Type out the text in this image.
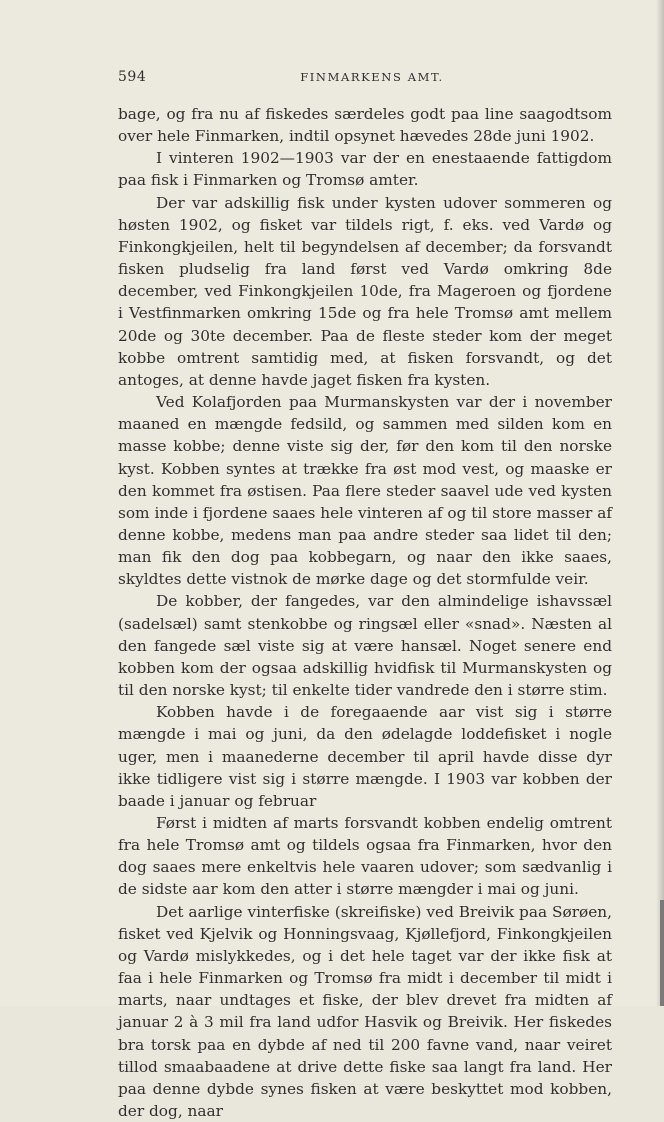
594	FINMARKENS AMT.

bage, og fra nu af fiskedes særdeles godt paa line saagodtsom over hele Finmarken, indtil opsynet hævedes 28de juni 1902.

I vinteren 1902—1903 var der en enestaaende fattigdom paa fisk i Finmarken og Tromsø amter.

Der var adskillig fisk under kysten udover sommeren og høsten 1902, og fisket var tildels rigt, f. eks. ved Vardø og Finkongkjeilen, helt til begyndelsen af december; da forsvandt fisken pludselig fra land først ved Vardø omkring 8de december, ved Finkongkjeilen 10de, fra Mageroen og fjordene i Vestfinmarken omkring 15de og fra hele Tromsø amt mellem 20de og 30te december. Paa de fleste steder kom der meget kobbe omtrent samtidig med, at fisken forsvandt, og det antoges, at denne havde jaget fisken fra kysten.

Ved Kolafjorden paa Murmanskysten var der i november maaned en mængde fedsild, og sammen med silden kom en masse kobbe; denne viste sig der, før den kom til den norske kyst. Kobben syntes at trække fra øst mod vest, og maaske er den kommet fra østisen. Paa flere steder saavel ude ved kysten som inde i fjordene saaes hele vinteren af og til store masser af denne kobbe, medens man paa andre steder saa lidet til den; man fik den dog paa kobbegarn, og naar den ikke saaes, skyldtes dette vistnok de mørke dage og det stormfulde veir.

De kobber, der fangedes, var den almindelige ishavssæl (sadelsæl) samt stenkobbe og ringsæl eller «snad». Næsten al den fangede sæl viste sig at være hansæl. Noget senere end kobben kom der ogsaa adskillig hvidfisk til Murmanskysten og til den norske kyst; til enkelte tider vandrede den i større stim.

Kobben havde i de foregaaende aar vist sig i større mængde i mai og juni, da den ødelagde loddefisket i nogle uger, men i maanederne december til april havde disse dyr ikke tidligere vist sig i større mængde. I 1903 var kobben der baade i januar og februar

Først i midten af marts forsvandt kobben endelig omtrent fra hele Tromsø amt og tildels ogsaa fra Finmarken, hvor den dog saaes mere enkeltvis hele vaaren udover; som sædvanlig i de sidste aar kom den atter i større mængder i mai og juni.

Det aarlige vinterfiske (skreifiske) ved Breivik paa Sørøen, fisket ved Kjelvik og Honningsvaag, Kjøllefjord, Finkongkjeilen og Vardø mislykkedes, og i det hele taget var der ikke fisk at faa i hele Finmarken og Tromsø fra midt i december til midt i marts, naar undtages et fiske, der blev drevet fra midten af januar 2 à 3 mil fra land udfor Hasvik og Breivik. Her fiskedes bra torsk paa en dybde af ned til 200 favne vand, naar veiret tillod smaabaadene at drive dette fiske saa langt fra land. Her paa denne dybde synes fisken at være beskyttet mod kobben, der dog, naar
